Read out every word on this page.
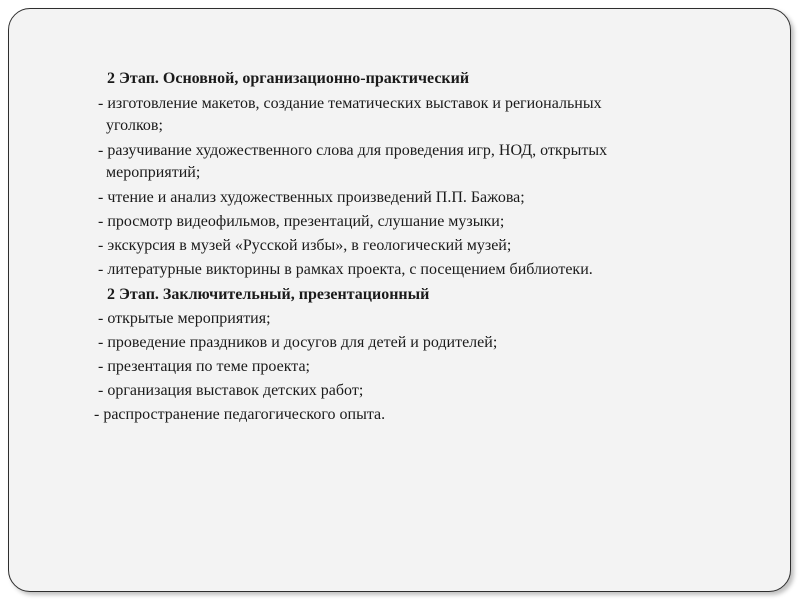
2 Этап. Основной, организационно-практический
- изготовление макетов, создание тематических выставок и региональных
уголков;
- разучивание художественного слова для проведения игр, НОД, открытых
мероприятий;
- чтение и анализ художественных произведений П.П. Бажова;
- просмотр видеофильмов, презентаций, слушание музыки;
- экскурсия в музей «Русской избы», в геологический музей;
- литературные викторины в рамках проекта, с посещением библиотеки.
2 Этап. Заключительный, презентационный
- открытые мероприятия;
- проведение праздников и досугов для детей и родителей;
- презентация по теме проекта;
- организация выставок детских работ;
- распространение педагогического опыта.
